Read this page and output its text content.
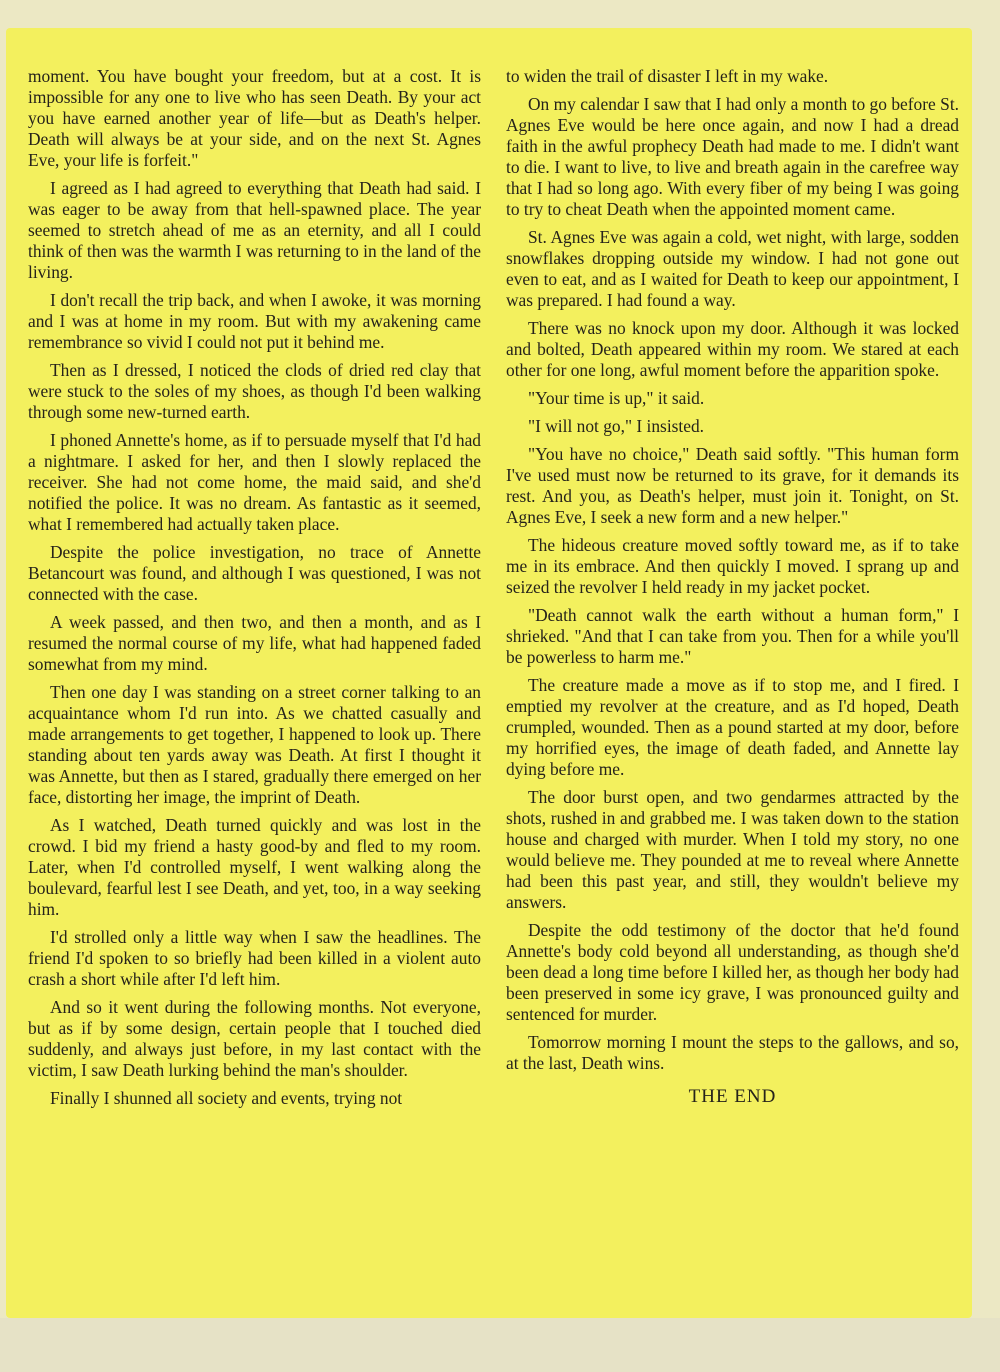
moment. You have bought your freedom, but at a cost. It is impossible for any one to live who has seen Death. By your act you have earned another year of life—but as Death's helper. Death will always be at your side, and on the next St. Agnes Eve, your life is forfeit."

I agreed as I had agreed to everything that Death had said. I was eager to be away from that hell-spawned place. The year seemed to stretch ahead of me as an eternity, and all I could think of then was the warmth I was returning to in the land of the living.

I don't recall the trip back, and when I awoke, it was morning and I was at home in my room. But with my awakening came remembrance so vivid I could not put it behind me.

Then as I dressed, I noticed the clods of dried red clay that were stuck to the soles of my shoes, as though I'd been walking through some new-turned earth.

I phoned Annette's home, as if to persuade myself that I'd had a nightmare. I asked for her, and then I slowly replaced the receiver. She had not come home, the maid said, and she'd notified the police. It was no dream. As fantastic as it seemed, what I remembered had actually taken place.

Despite the police investigation, no trace of Annette Betancourt was found, and although I was questioned, I was not connected with the case.

A week passed, and then two, and then a month, and as I resumed the normal course of my life, what had happened faded somewhat from my mind.

Then one day I was standing on a street corner talking to an acquaintance whom I'd run into. As we chatted casually and made arrangements to get together, I happened to look up. There standing about ten yards away was Death. At first I thought it was Annette, but then as I stared, gradually there emerged on her face, distorting her image, the imprint of Death.

As I watched, Death turned quickly and was lost in the crowd. I bid my friend a hasty good-by and fled to my room. Later, when I'd controlled myself, I went walking along the boulevard, fearful lest I see Death, and yet, too, in a way seeking him.

I'd strolled only a little way when I saw the headlines. The friend I'd spoken to so briefly had been killed in a violent auto crash a short while after I'd left him.

And so it went during the following months. Not everyone, but as if by some design, certain people that I touched died suddenly, and always just before, in my last contact with the victim, I saw Death lurking behind the man's shoulder.

Finally I shunned all society and events, trying not

to widen the trail of disaster I left in my wake.

On my calendar I saw that I had only a month to go before St. Agnes Eve would be here once again, and now I had a dread faith in the awful prophecy Death had made to me. I didn't want to die. I want to live, to live and breath again in the carefree way that I had so long ago. With every fiber of my being I was going to try to cheat Death when the appointed moment came.

St. Agnes Eve was again a cold, wet night, with large, sodden snowflakes dropping outside my window. I had not gone out even to eat, and as I waited for Death to keep our appointment, I was prepared. I had found a way.

There was no knock upon my door. Although it was locked and bolted, Death appeared within my room. We stared at each other for one long, awful moment before the apparition spoke.

"Your time is up," it said.

"I will not go," I insisted.

"You have no choice," Death said softly. "This human form I've used must now be returned to its grave, for it demands its rest. And you, as Death's helper, must join it. Tonight, on St. Agnes Eve, I seek a new form and a new helper."

The hideous creature moved softly toward me, as if to take me in its embrace. And then quickly I moved. I sprang up and seized the revolver I held ready in my jacket pocket.

"Death cannot walk the earth without a human form," I shrieked. "And that I can take from you. Then for a while you'll be powerless to harm me."

The creature made a move as if to stop me, and I fired. I emptied my revolver at the creature, and as I'd hoped, Death crumpled, wounded. Then as a pound started at my door, before my horrified eyes, the image of death faded, and Annette lay dying before me.

The door burst open, and two gendarmes attracted by the shots, rushed in and grabbed me. I was taken down to the station house and charged with murder. When I told my story, no one would believe me. They pounded at me to reveal where Annette had been this past year, and still, they wouldn't believe my answers.

Despite the odd testimony of the doctor that he'd found Annette's body cold beyond all understanding, as though she'd been dead a long time before I killed her, as though her body had been preserved in some icy grave, I was pronounced guilty and sentenced for murder.

Tomorrow morning I mount the steps to the gallows, and so, at the last, Death wins.

THE END
